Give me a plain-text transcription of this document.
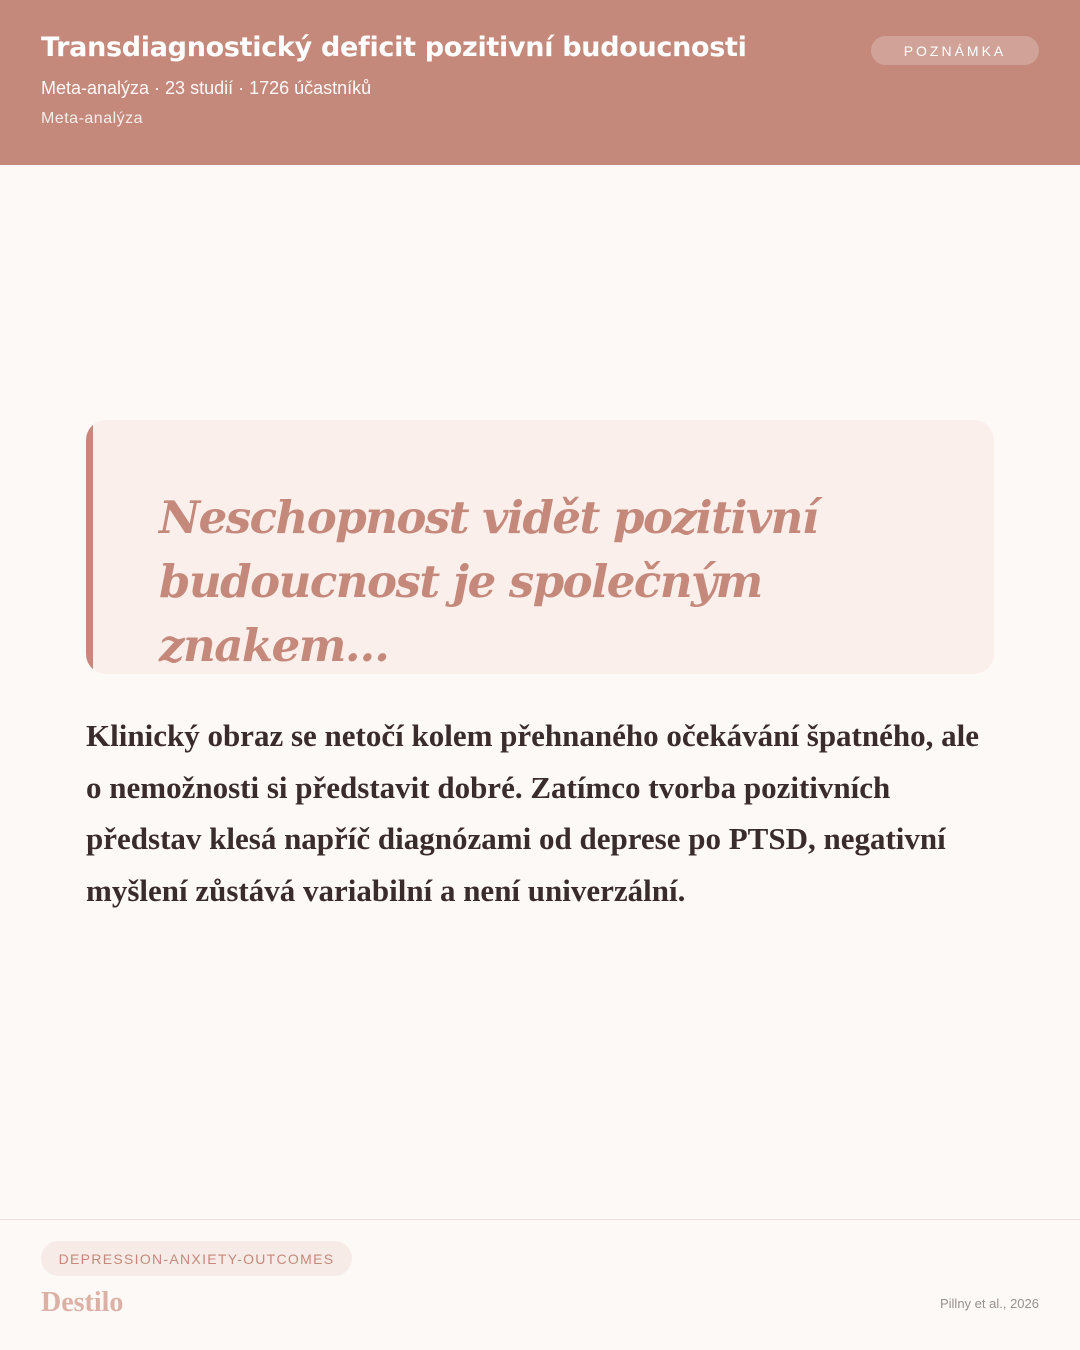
Transdiagnostický deficit pozitivní budoucnosti
Meta-analýza · 23 studií · 1726 účastníků
Meta-analýza
POZNÁMKA

Neschopnost vidět pozitivní budoucnost je společným znakem…

Klinický obraz se netočí kolem přehnaného očekávání špatného, ale o nemožnosti si představit dobré. Zatímco tvorba pozitivních představ klesá napříč diagnózami od deprese po PTSD, negativní myšlení zůstává variabilní a není univerzální.

DEPRESSION-ANXIETY-OUTCOMES
Destilo	Pillny et al., 2026
